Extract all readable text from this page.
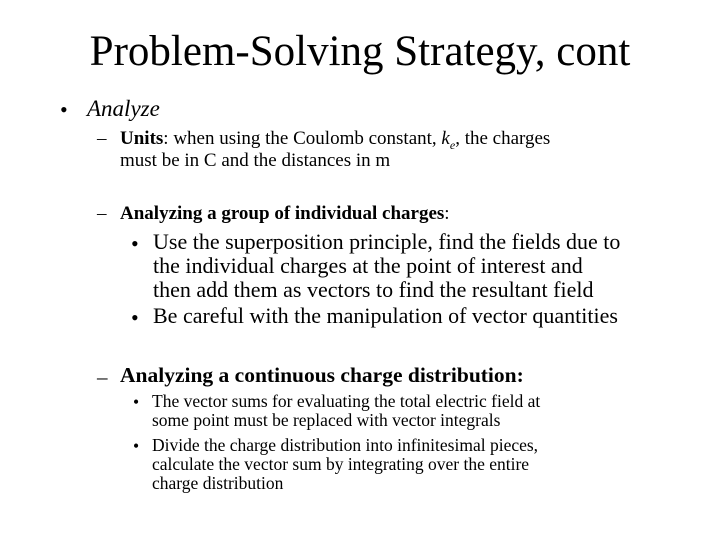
Problem-Solving Strategy, cont
• Analyze
– Units: when using the Coulomb constant, $k_e$, the charges
must be in C and the distances in m
– Analyzing a group of individual charges:
• Use the superposition principle, find the fields due to
the individual charges at the point of interest and
then add them as vectors to find the resultant field
• Be careful with the manipulation of vector quantities
– Analyzing a continuous charge distribution:
• The vector sums for evaluating the total electric field at
some point must be replaced with vector integrals
• Divide the charge distribution into infinitesimal pieces,
calculate the vector sum by integrating over the entire
charge distribution
